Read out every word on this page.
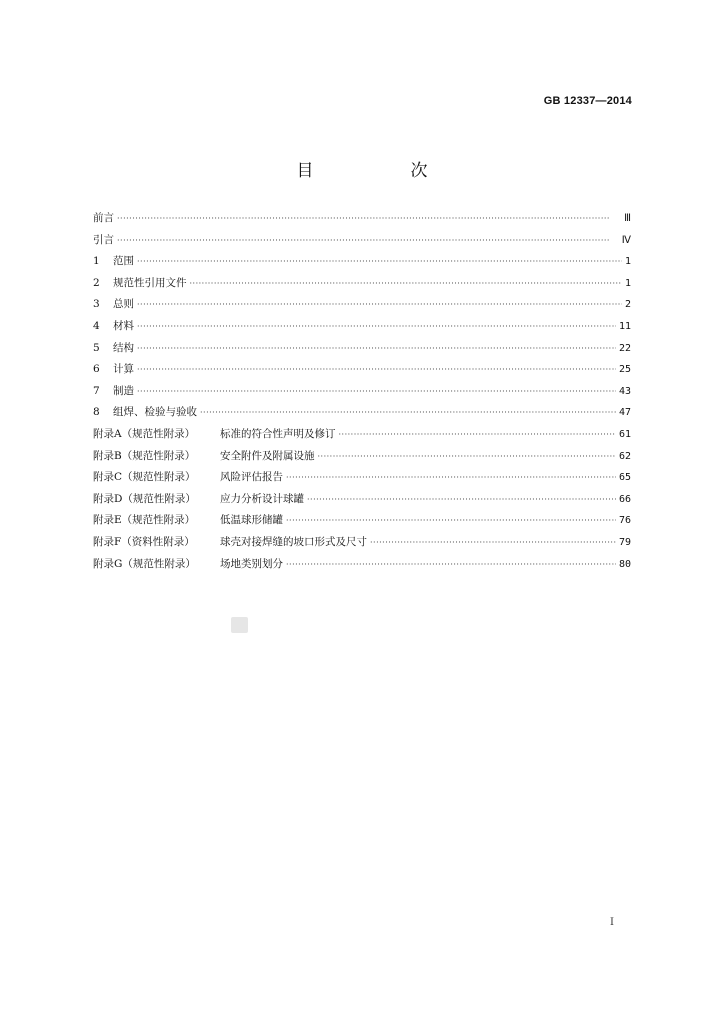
GB 12337—2014
目　次
前言 ·····	Ⅲ
引言 ·····	Ⅳ
1 范围 ·····	1
2 规范性引用文件 ·····	1
3 总则 ·····	2
4 材料 ·····	11
5 结构 ·····	22
6 计算 ·····	25
7 制造 ·····	43
8 组焊、检验与验收 ·····	47
附录A（规范性附录） 标准的符合性声明及修订 ·····	61
附录B（规范性附录） 安全附件及附属设施 ·····	62
附录C（规范性附录） 风险评估报告 ·····	65
附录D（规范性附录） 应力分析设计球罐 ·····	66
附录E（规范性附录） 低温球形储罐 ·····	76
附录F（资料性附录） 球壳对接焊缝的坡口形式及尺寸 ·····	79
附录G（规范性附录） 场地类别划分 ·····	80
I
